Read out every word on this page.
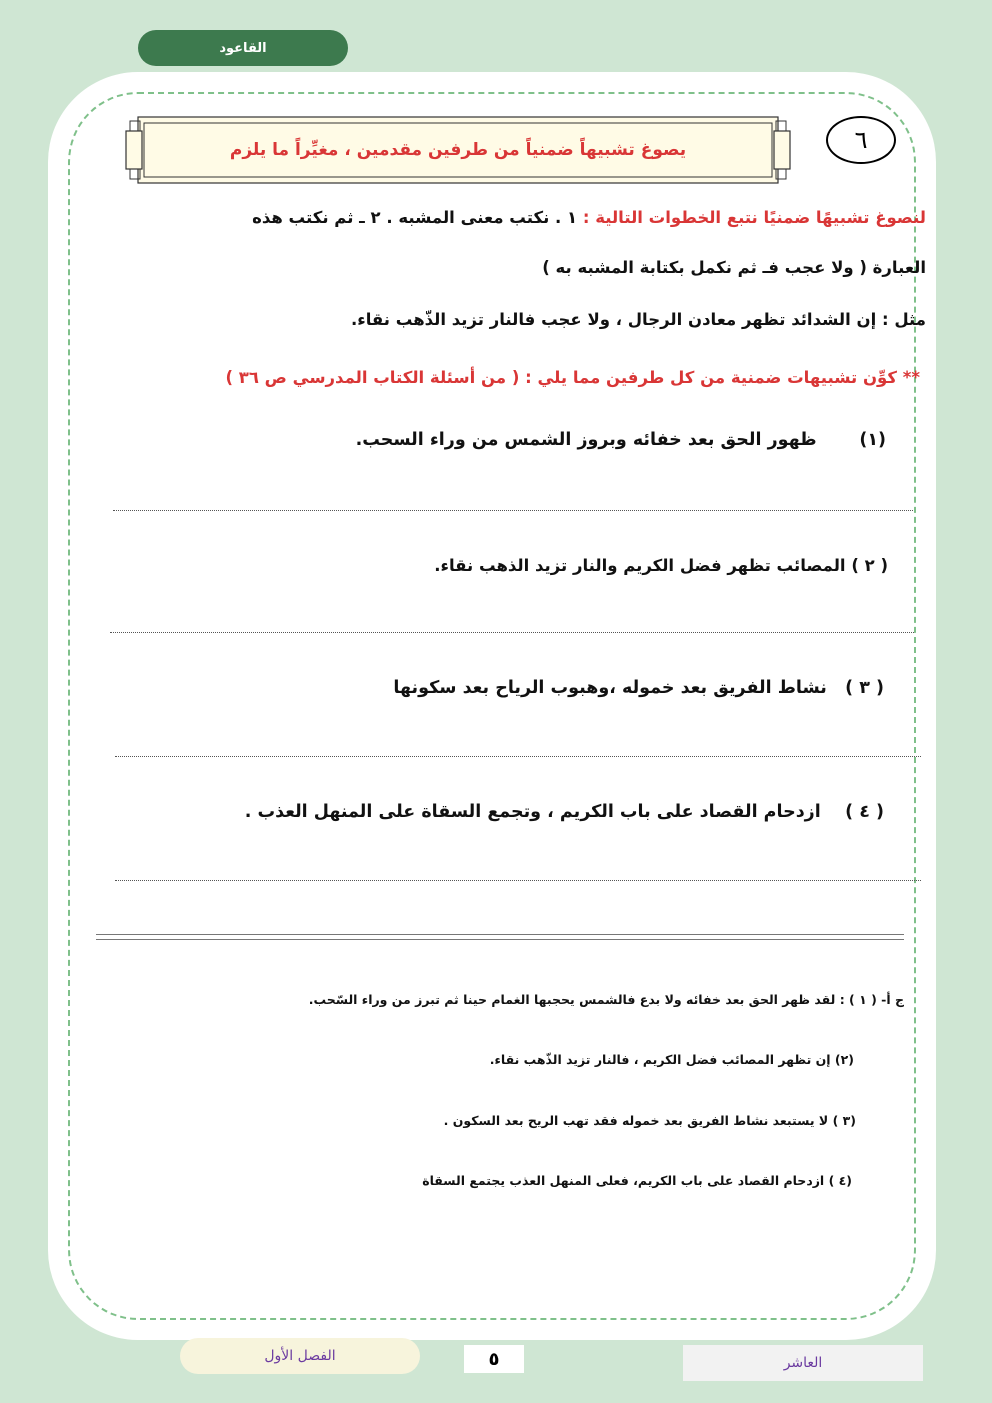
القاعود
يصوغ تشبيهاً ضمنياً من طرفين مقدمين ، مغيِّراً ما يلزم	٦
لنصوغ تشبيهًا ضمنيًا نتبع الخطوات التالية : ١ . نكتب معنى المشبه . ٢ ـ ثم نكتب هذه
العبارة ( ولا عجب فـ ثم نكمل بكتابة المشبه به )
مثل : إن الشدائد تظهر معادن الرجال ، ولا عجب فالنار تزيد الذّهب نقاء.
** كوِّن تشبيهات ضمنية من كل طرفين مما يلي : ( من أسئلة الكتاب المدرسي ص ٣٦ )
(١)       ظهور الحق بعد خفائه وبروز الشمس من وراء السحب.
( ٢ ) المصائب تظهر فضل الكريم والنار تزيد الذهب نقاء.
( ٣ )   نشاط الفريق بعد خموله ،وهبوب الرياح بعد سكونها
( ٤ )    ازدحام القصاد على باب الكريم ، وتجمع السقاة على المنهل العذب .
ج أ- ( ١ ) : لقد ظهر الحق بعد خفائه ولا بدع فالشمس يحجبها الغمام حينا ثم تبرز من وراء السّحب.
(٢) إن تظهر المصائب فضل الكريم ، فالنار تزيد الذّهب نقاء.
(٣ ) لا يستبعد نشاط الفريق بعد خموله فقد تهب الريح بعد السكون .
(٤ ) ازدحام القصاد على باب الكريم، فعلى المنهل العذب يجتمع السقاة
الفصل الأول	٥	العاشر
